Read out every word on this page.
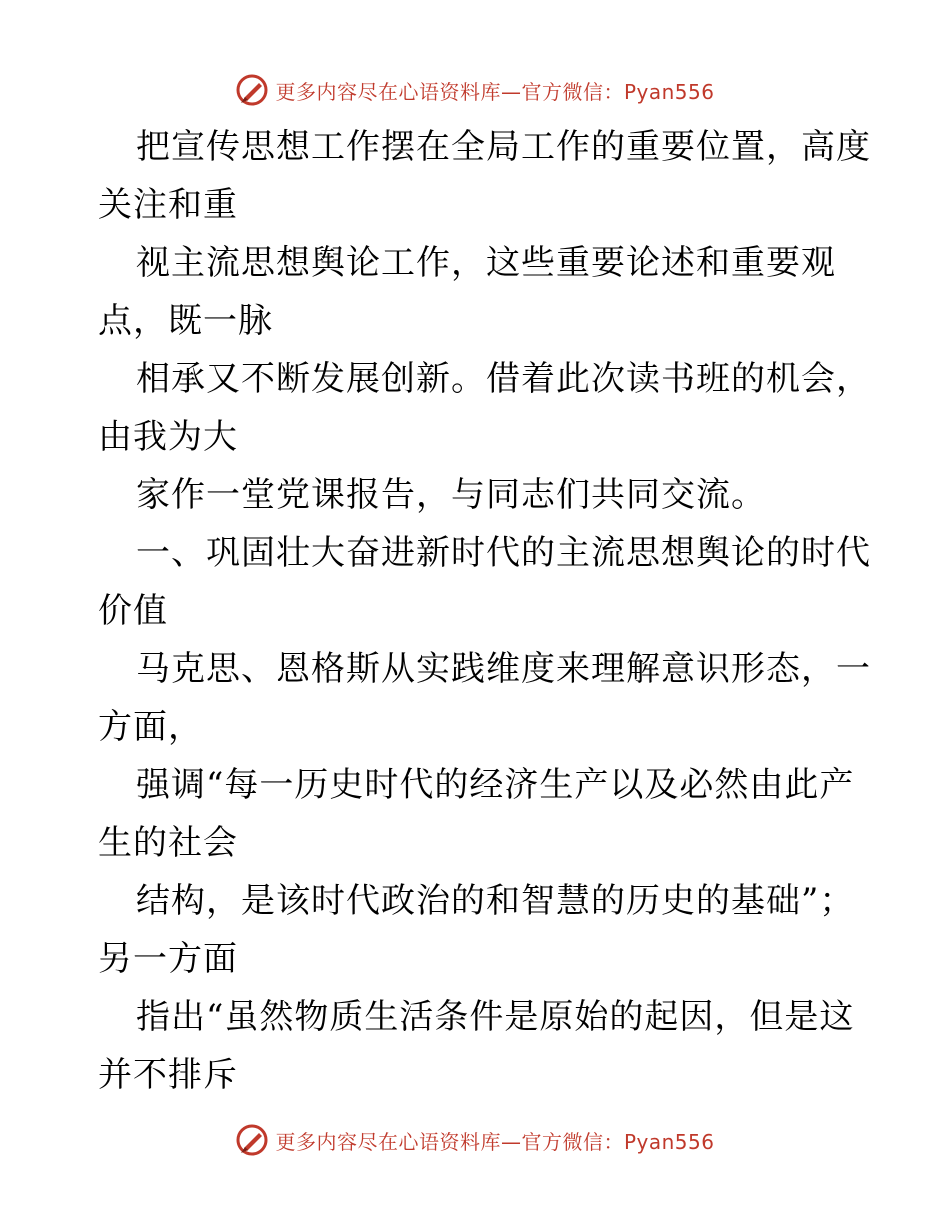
更多内容尽在心语资料库—官方微信：Pyan556
把宣传思想工作摆在全局工作的重要位置，高度
关注和重
视主流思想舆论工作，这些重要论述和重要观
点，既一脉
相承又不断发展创新。借着此次读书班的机会，
由我为大
家作一堂党课报告，与同志们共同交流。
一、巩固壮大奋进新时代的主流思想舆论的时代
价值
马克思、恩格斯从实践维度来理解意识形态，一
方面，
强调“每一历史时代的经济生产以及必然由此产
生的社会
结构，是该时代政治的和智慧的历史的基础”；
另一方面
指出“虽然物质生活条件是原始的起因，但是这
并不排斥
更多内容尽在心语资料库—官方微信：Pyan556
